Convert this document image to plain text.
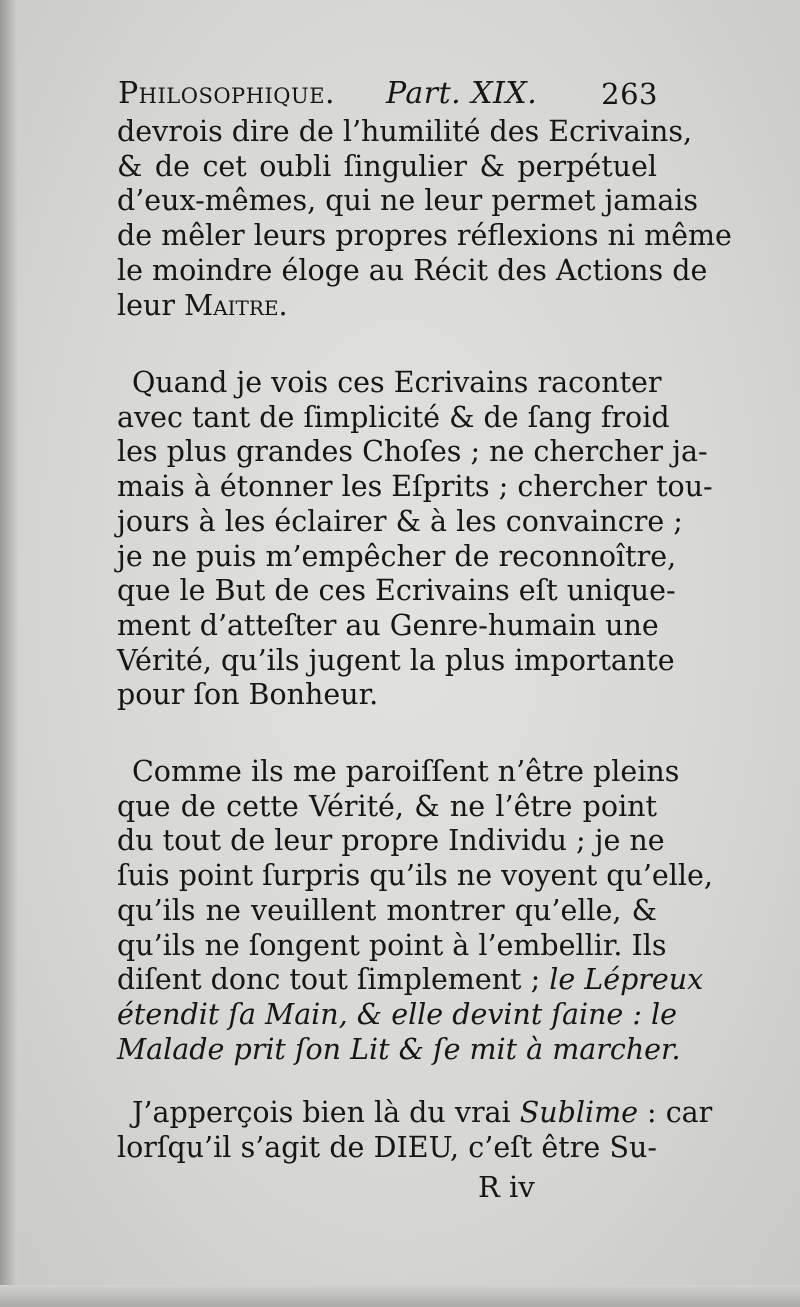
Philosophique. Part. XIX. 263
devrois dire de l’humilité des Ecrivains,
& de cet oubli ſingulier & perpétuel
d’eux-mêmes, qui ne leur permet jamais
de mêler leurs propres réflexions ni même
le moindre éloge au Récit des Actions de
leur Maitre.
Quand je vois ces Ecrivains raconter
avec tant de ſimplicité & de ſang froid
les plus grandes Choſes ; ne chercher ja-
mais à étonner les Eſprits ; chercher tou-
jours à les éclairer & à les convaincre ;
je ne puis m’empêcher de reconnoître,
que le But de ces Ecrivains eſt unique-
ment d’atteſter au Genre-humain une
Vérité, qu’ils jugent la plus importante
pour ſon Bonheur.
Comme ils me paroiſſent n’être pleins
que de cette Vérité, & ne l’être point
du tout de leur propre Individu ; je ne
ſuis point ſurpris qu’ils ne voyent qu’elle,
qu’ils ne veuillent montrer qu’elle, &
qu’ils ne ſongent point à l’embellir. Ils
diſent donc tout ſimplement ; le Lépreux
étendit ſa Main, & elle devint ſaine : le
Malade prit ſon Lit & ſe mit à marcher.
J’apperçois bien là du vrai Sublime : car
lorſqu’il s’agit de DIEU, c’eſt être Su-
R iv
